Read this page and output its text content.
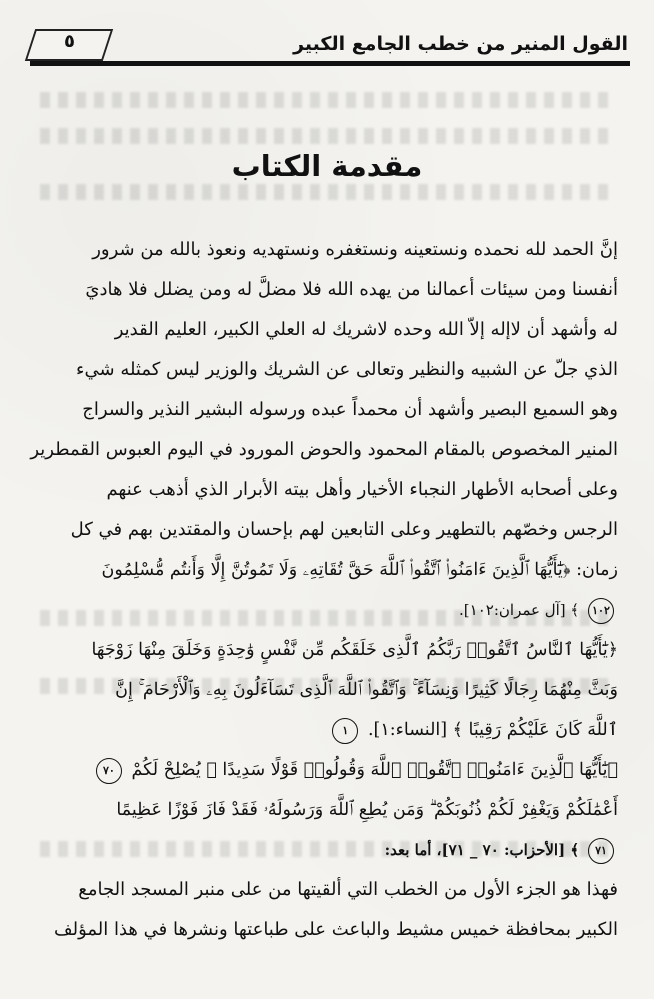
القول المنير من خطب الجامع الكبير
٥
مقدمة الكتاب
إنَّ الحمد لله نحمده ونستعينه ونستغفره ونستهديه ونعوذ بالله من شرور
أنفسنا ومن سيئات أعمالنا من يهده الله فلا مضلَّ له ومن يضلل فلا هاديَ
له وأشهد أن لاإله إلاّ الله وحده لاشريك له العلي الكبير، العليم القدير
الذي جلّ عن الشبيه والنظير وتعالى عن الشريك والوزير ليس كمثله شيء
وهو السميع البصير وأشهد أن محمداً عبده ورسوله البشير النذير والسراج
المنير المخصوص بالمقام المحمود والحوض المورود في اليوم العبوس القمطرير
وعلى أصحابه الأطهار النجباء الأخيار وأهل بيته الأبرار الذي أذهب عنهم
الرجس وخصّهم بالتطهير وعلى التابعين لهم بإحسان والمقتدين بهم في كل
زمان: ﴿يَٰٓأَيُّهَا ٱلَّذِينَ ءَامَنُوا۟ ٱتَّقُوا۟ ٱللَّهَ حَقَّ تُقَاتِهِۦ وَلَا تَمُوتُنَّ إِلَّا وَأَنتُم مُّسْلِمُونَ
١٠٢ ﴾ [آل عمران:١٠٢].
﴿يَٰٓأَيُّهَا ٱلنَّاسُ ٱتَّقُوا۟ رَبَّكُمُ ٱلَّذِى خَلَقَكُم مِّن نَّفْسٍ وَٰحِدَةٍ وَخَلَقَ مِنْهَا زَوْجَهَا
وَبَثَّ مِنْهُمَا رِجَالًا كَثِيرًا وَنِسَآءً ۚ وَٱتَّقُوا۟ ٱللَّهَ ٱلَّذِى تَسَآءَلُونَ بِهِۦ وَٱلْأَرْحَامَ ۚ إِنَّ
ٱللَّهَ كَانَ عَلَيْكُمْ رَقِيبًا ﴾ [النساء:١]. ١
﴿يَٰٓأَيُّهَا ٱلَّذِينَ ءَامَنُوا۟ ٱتَّقُوا۟ ٱللَّهَ وَقُولُوا۟ قَوْلًا سَدِيدًا ﴾ يُصْلِحْ لَكُمْ ٧٠
أَعْمَٰلَكُمْ وَيَغْفِرْ لَكُمْ ذُنُوبَكُمْ ۗ وَمَن يُطِعِ ٱللَّهَ وَرَسُولَهُۥ فَقَدْ فَازَ فَوْزًا عَظِيمًا
٧١ ﴾ [الأحزاب: ٧٠ _ ٧١]، أما بعد:
فهذا هو الجزء الأول من الخطب التي ألقيتها من على منبر المسجد الجامع
الكبير بمحافظة خميس مشيط والباعث على طباعتها ونشرها في هذا المؤلف
